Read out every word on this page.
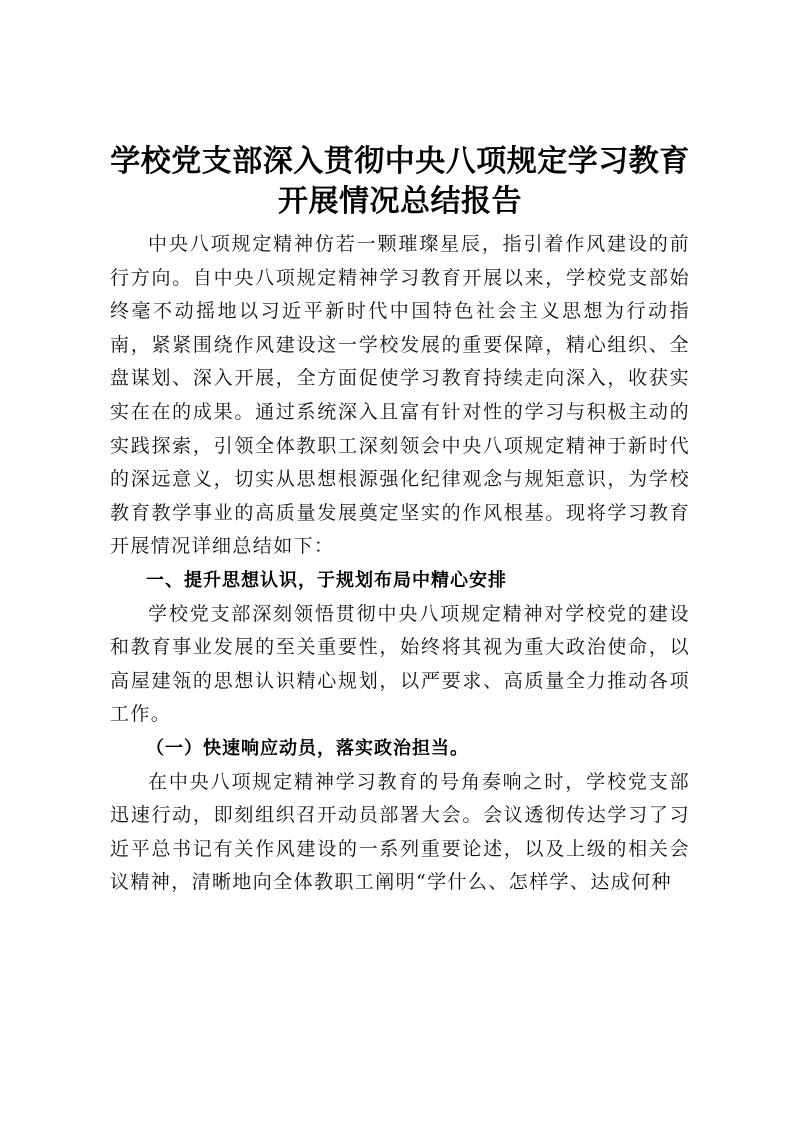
学校党支部深入贯彻中央八项规定学习教育开展情况总结报告

中央八项规定精神仿若一颗璀璨星辰，指引着作风建设的前行方向。自中央八项规定精神学习教育开展以来，学校党支部始终毫不动摇地以习近平新时代中国特色社会主义思想为行动指南，紧紧围绕作风建设这一学校发展的重要保障，精心组织、全盘谋划、深入开展，全方面促使学习教育持续走向深入，收获实实在在的成果。通过系统深入且富有针对性的学习与积极主动的实践探索，引领全体教职工深刻领会中央八项规定精神于新时代的深远意义，切实从思想根源强化纪律观念与规矩意识，为学校教育教学事业的高质量发展奠定坚实的作风根基。现将学习教育开展情况详细总结如下：

一、提升思想认识，于规划布局中精心安排

学校党支部深刻领悟贯彻中央八项规定精神对学校党的建设和教育事业发展的至关重要性，始终将其视为重大政治使命，以高屋建瓴的思想认识精心规划，以严要求、高质量全力推动各项工作。

（一）快速响应动员，落实政治担当。

在中央八项规定精神学习教育的号角奏响之时，学校党支部迅速行动，即刻组织召开动员部署大会。会议透彻传达学习了习近平总书记有关作风建设的一系列重要论述，以及上级的相关会议精神，清晰地向全体教职工阐明“学什么、怎样学、达成何种
